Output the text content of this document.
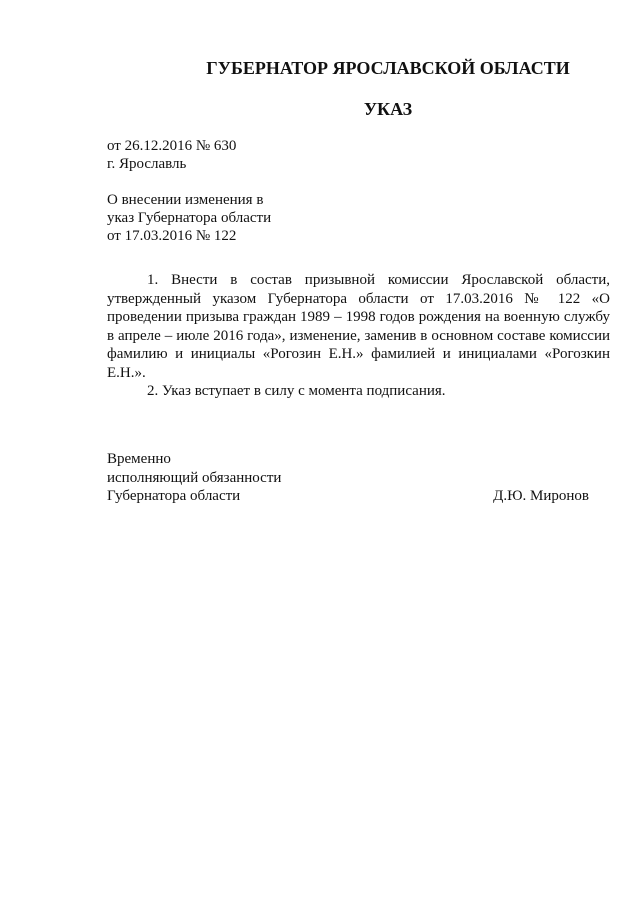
ГУБЕРНАТОР ЯРОСЛАВСКОЙ ОБЛАСТИ
УКАЗ
от 26.12.2016 № 630
г. Ярославль
О внесении изменения в
указ Губернатора области
от 17.03.2016 № 122

1. Внести в состав призывной комиссии Ярославской области, утвержденный указом Губернатора области от 17.03.2016 № 122 «О проведении призыва граждан 1989 – 1998 годов рождения на военную службу в апреле – июле 2016 года», изменение, заменив в основном составе комиссии фамилию и инициалы «Рогозин Е.Н.» фамилией и инициалами «Рогозкин Е.Н.».

2. Указ вступает в силу с момента подписания.

Временно
исполняющий обязанности
Губернатора области	Д.Ю. Миронов
